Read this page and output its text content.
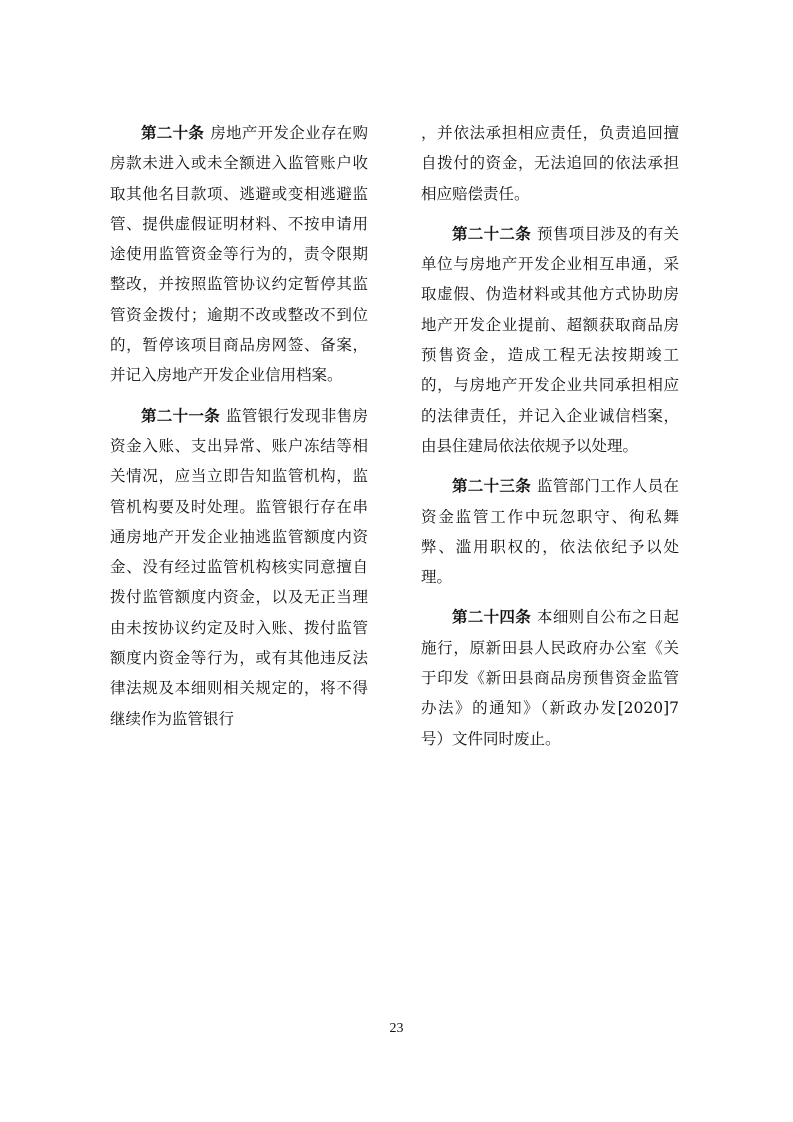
第二十条 房地产开发企业存在购房款未进入或未全额进入监管账户收取其他名目款项、逃避或变相逃避监管、提供虚假证明材料、不按申请用途使用监管资金等行为的，责令限期整改，并按照监管协议约定暂停其监管资金拨付；逾期不改或整改不到位的，暂停该项目商品房网签、备案，并记入房地产开发企业信用档案。

第二十一条 监管银行发现非售房资金入账、支出异常、账户冻结等相关情况，应当立即告知监管机构，监管机构要及时处理。监管银行存在串通房地产开发企业抽逃监管额度内资金、没有经过监管机构核实同意擅自拨付监管额度内资金，以及无正当理由未按协议约定及时入账、拨付监管额度内资金等行为，或有其他违反法律法规及本细则相关规定的，将不得继续作为监管银行

，并依法承担相应责任，负责追回擅自拨付的资金，无法追回的依法承担相应赔偿责任。

第二十二条 预售项目涉及的有关单位与房地产开发企业相互串通，采取虚假、伪造材料或其他方式协助房地产开发企业提前、超额获取商品房预售资金，造成工程无法按期竣工的，与房地产开发企业共同承担相应的法律责任，并记入企业诚信档案，由县住建局依法依规予以处理。

第二十三条 监管部门工作人员在资金监管工作中玩忽职守、徇私舞弊、滥用职权的，依法依纪予以处理。

第二十四条 本细则自公布之日起施行，原新田县人民政府办公室《关于印发《新田县商品房预售资金监管办法》的通知》（新政办发[2020]7号）文件同时废止。

23
